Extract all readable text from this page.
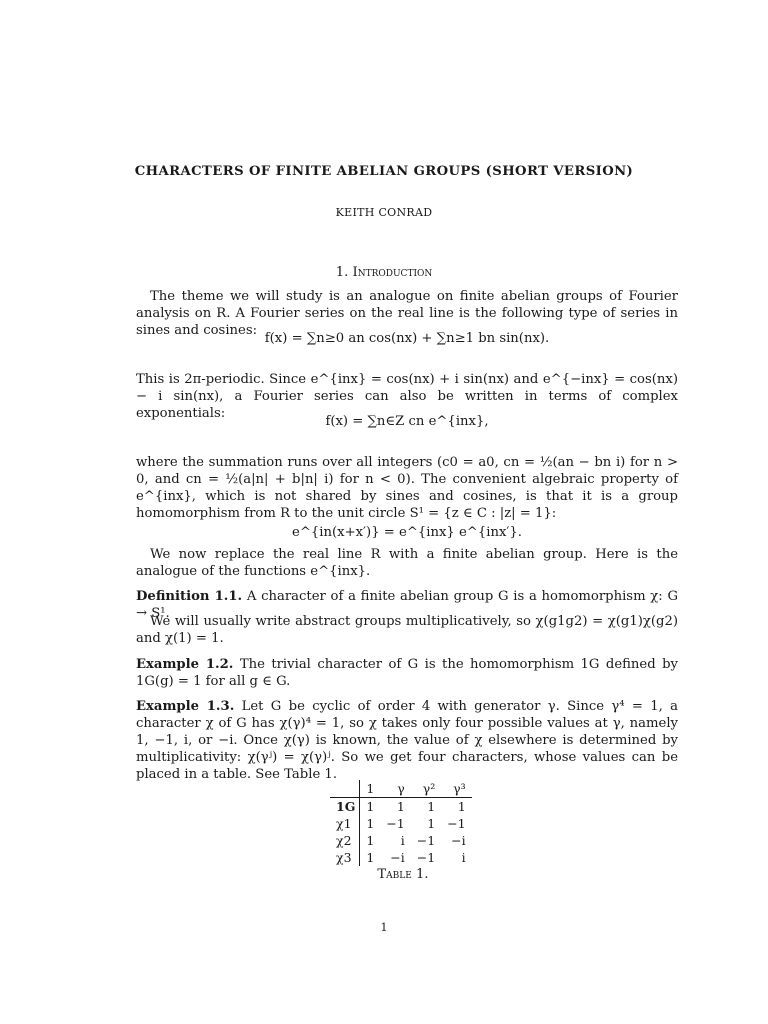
CHARACTERS OF FINITE ABELIAN GROUPS (SHORT VERSION)
KEITH CONRAD
1. Introduction
The theme we will study is an analogue on finite abelian groups of Fourier analysis on R. A Fourier series on the real line is the following type of series in sines and cosines:
f(x) = ∑n≥0 an cos(nx) + ∑n≥1 bn sin(nx).
This is 2π-periodic. Since e^{inx} = cos(nx) + i sin(nx) and e^{−inx} = cos(nx) − i sin(nx), a Fourier series can also be written in terms of complex exponentials:
f(x) = ∑n∈Z cn e^{inx},
where the summation runs over all integers (c0 = a0, cn = ½(an − bn i) for n > 0, and cn = ½(a|n| + b|n| i) for n < 0). The convenient algebraic property of e^{inx}, which is not shared by sines and cosines, is that it is a group homomorphism from R to the unit circle S¹ = {z ∈ C : |z| = 1}:
e^{in(x+x′)} = e^{inx} e^{inx′}.
We now replace the real line R with a finite abelian group. Here is the analogue of the functions e^{inx}.
Definition 1.1. A character of a finite abelian group G is a homomorphism χ: G → S¹.
We will usually write abstract groups multiplicatively, so χ(g1g2) = χ(g1)χ(g2) and χ(1) = 1.
Example 1.2. The trivial character of G is the homomorphism 1G defined by 1G(g) = 1 for all g ∈ G.
Example 1.3. Let G be cyclic of order 4 with generator γ. Since γ⁴ = 1, a character χ of G has χ(γ)⁴ = 1, so χ takes only four possible values at γ, namely 1, −1, i, or −i. Once χ(γ) is known, the value of χ elsewhere is determined by multiplicativity: χ(γʲ) = χ(γ)ʲ. So we get four characters, whose values can be placed in a table. See Table 1.
	1	γ	γ²	γ³
1G	1	1	1	1
χ1	1	−1	1	−1
χ2	1	i	−1	−i
χ3	1	−i	−1	i
Table 1.
1
